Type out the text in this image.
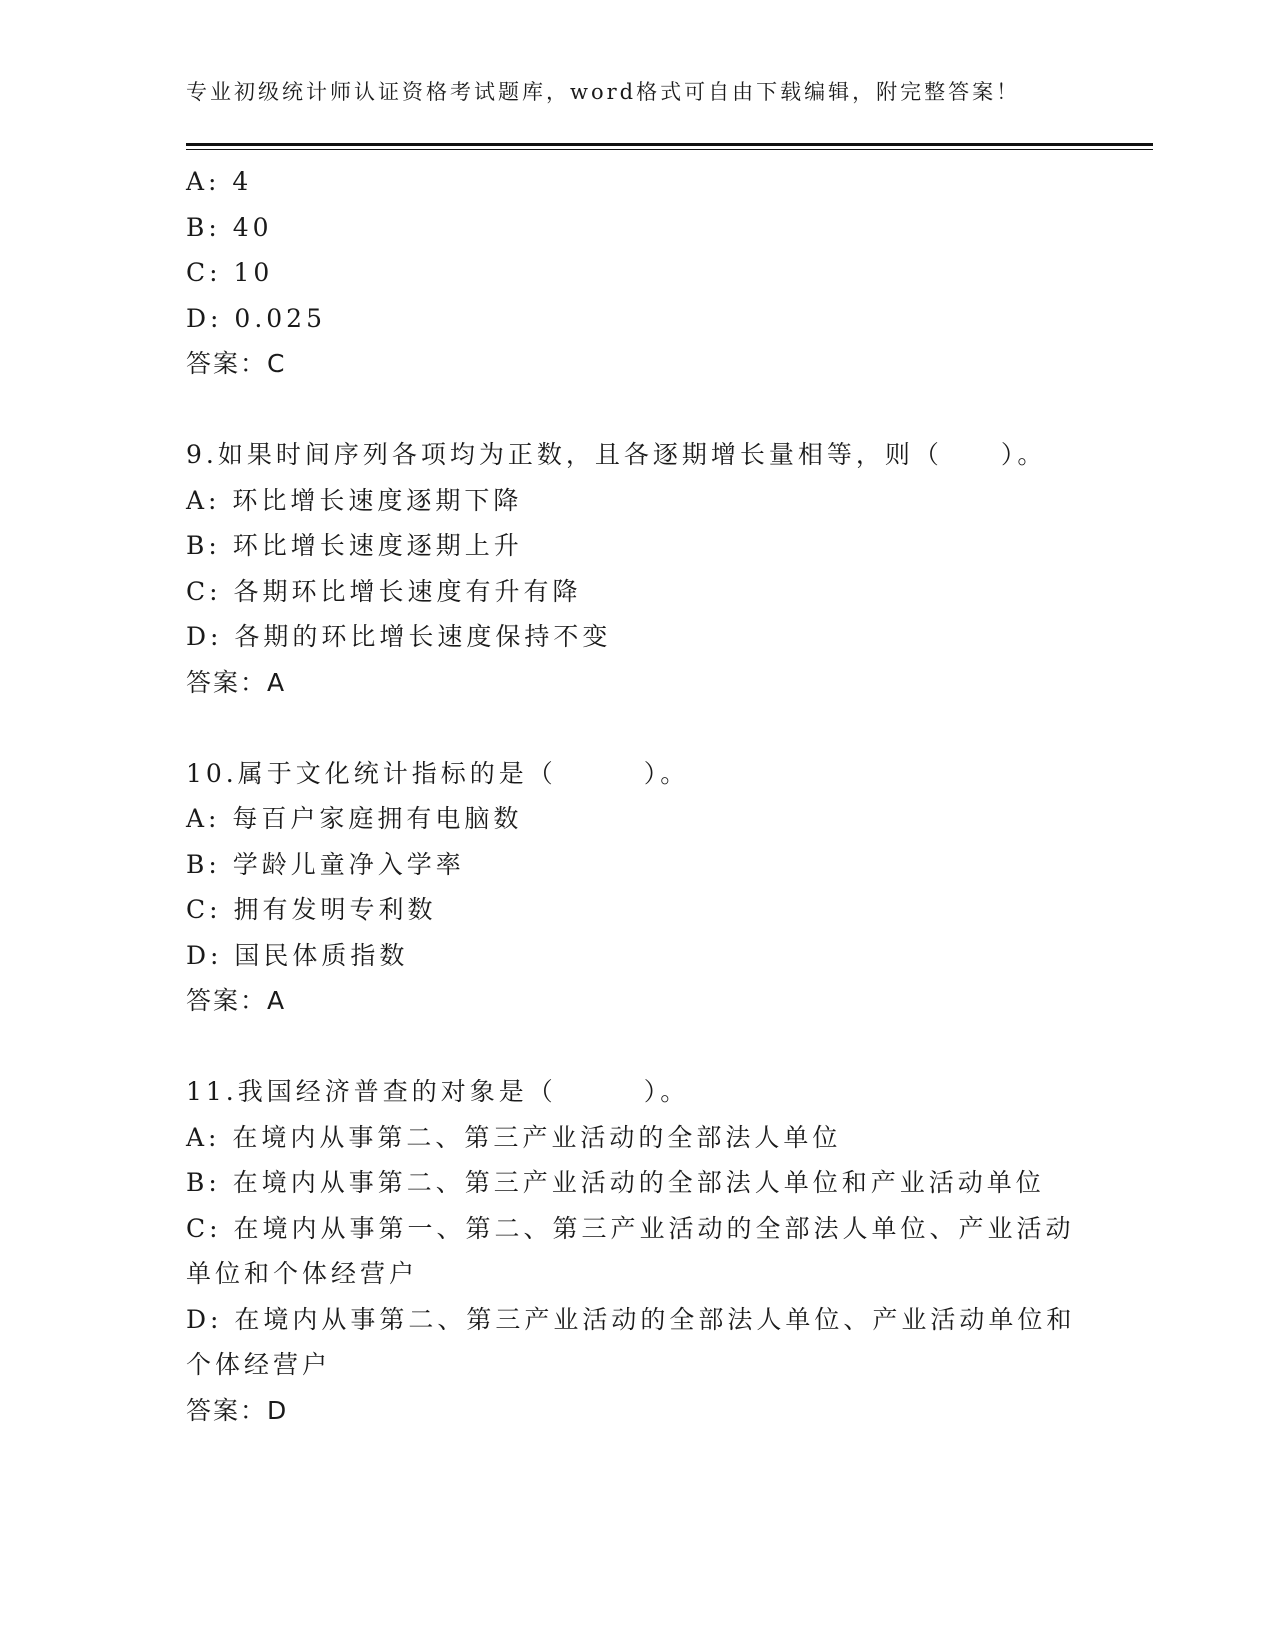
专业初级统计师认证资格考试题库，word格式可自由下载编辑，附完整答案！
A: 4
B: 40
C: 10
D: 0.025
答案：C
9.如果时间序列各项均为正数，且各逐期增长量相等，则（　　）。
A: 环比增长速度逐期下降
B: 环比增长速度逐期上升
C: 各期环比增长速度有升有降
D: 各期的环比增长速度保持不变
答案：A
10.属于文化统计指标的是（　　　）。
A: 每百户家庭拥有电脑数
B: 学龄儿童净入学率
C: 拥有发明专利数
D: 国民体质指数
答案：A
11.我国经济普查的对象是（　　　）。
A: 在境内从事第二、第三产业活动的全部法人单位
B: 在境内从事第二、第三产业活动的全部法人单位和产业活动单位
C: 在境内从事第一、第二、第三产业活动的全部法人单位、产业活动
单位和个体经营户
D: 在境内从事第二、第三产业活动的全部法人单位、产业活动单位和
个体经营户
答案：D
